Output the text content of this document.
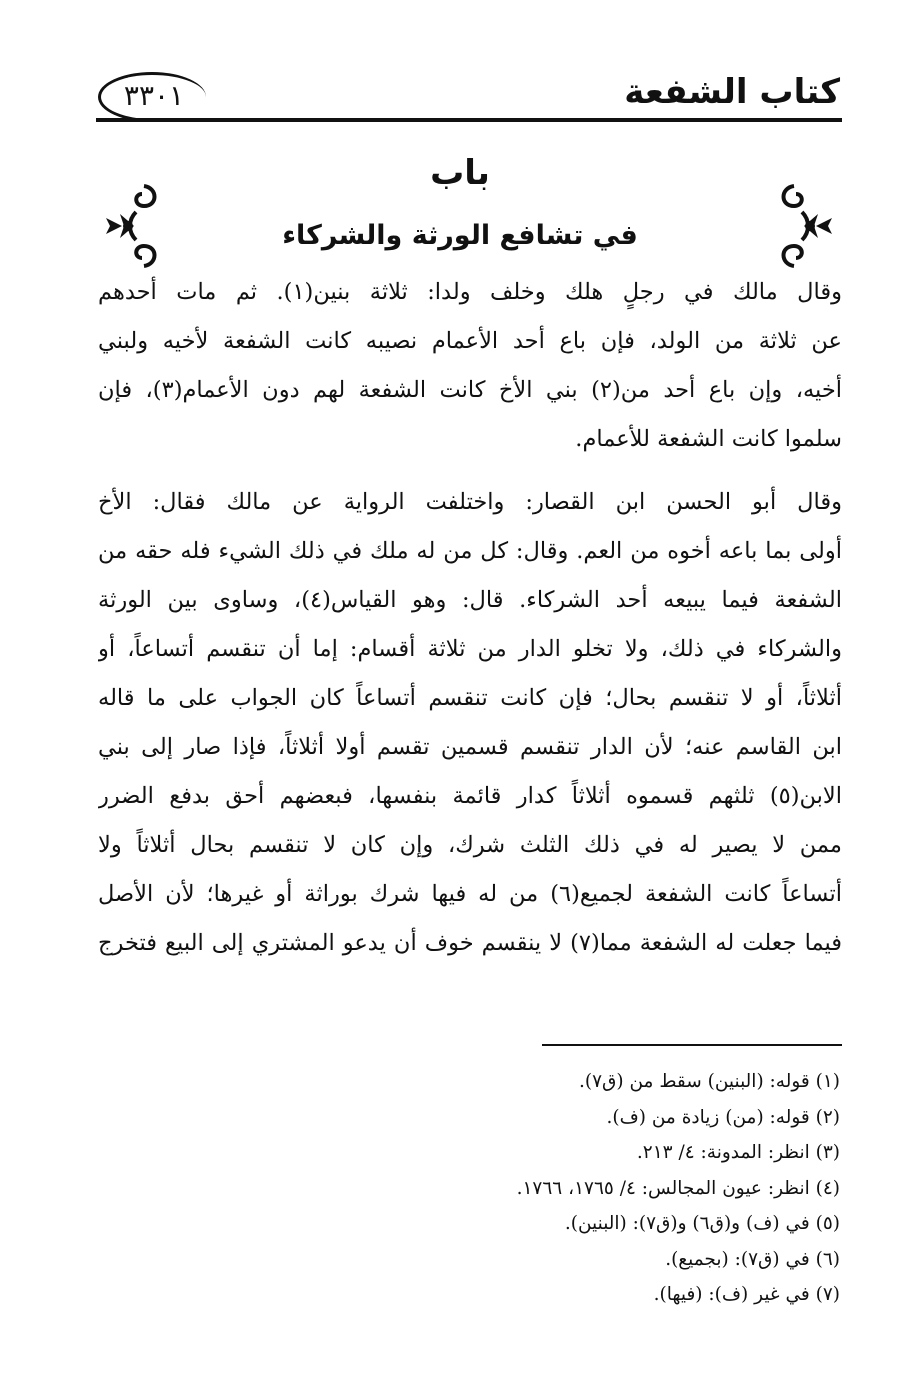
كتاب الشفعة
٣٣٠١
باب
في تشافع الورثة والشركاء
وقال مالك في رجلٍ هلك وخلف ولدا: ثلاثة بنين(١). ثم مات أحدهم
عن ثلاثة من الولد، فإن باع أحد الأعمام نصيبه كانت الشفعة لأخيه ولبني
أخيه، وإن باع أحد من(٢) بني الأخ كانت الشفعة لهم دون الأعمام(٣)، فإن
سلموا كانت الشفعة للأعمام.
وقال أبو الحسن ابن القصار: واختلفت الرواية عن مالك فقال: الأخ
أولى بما باعه أخوه من العم. وقال: كل من له ملك في ذلك الشيء فله حقه من
الشفعة فيما يبيعه أحد الشركاء. قال: وهو القياس(٤)، وساوى بين الورثة
والشركاء في ذلك، ولا تخلو الدار من ثلاثة أقسام: إما أن تنقسم أتساعاً، أو
أثلاثاً، أو لا تنقسم بحال؛ فإن كانت تنقسم أتساعاً كان الجواب على ما قاله
ابن القاسم عنه؛ لأن الدار تنقسم قسمين تقسم أولا أثلاثاً، فإذا صار إلى بني
الابن(٥) ثلثهم قسموه أثلاثاً كدار قائمة بنفسها، فبعضهم أحق بدفع الضرر
ممن لا يصير له في ذلك الثلث شرك، وإن كان لا تنقسم بحال أثلاثاً ولا
أتساعاً كانت الشفعة لجميع(٦) من له فيها شرك بوراثة أو غيرها؛ لأن الأصل
فيما جعلت له الشفعة مما(٧) لا ينقسم خوف أن يدعو المشتري إلى البيع فتخرج
(١) قوله: (البنين) سقط من (ق٧).
(٢) قوله: (من) زيادة من (ف).
(٣) انظر: المدونة: ٤/ ٢١٣.
(٤) انظر: عيون المجالس: ٤/ ١٧٦٥، ١٧٦٦.
(٥) في (ف) و(ق٦) و(ق٧): (البنين).
(٦) في (ق٧): (بجميع).
(٧) في غير (ف): (فيها).
